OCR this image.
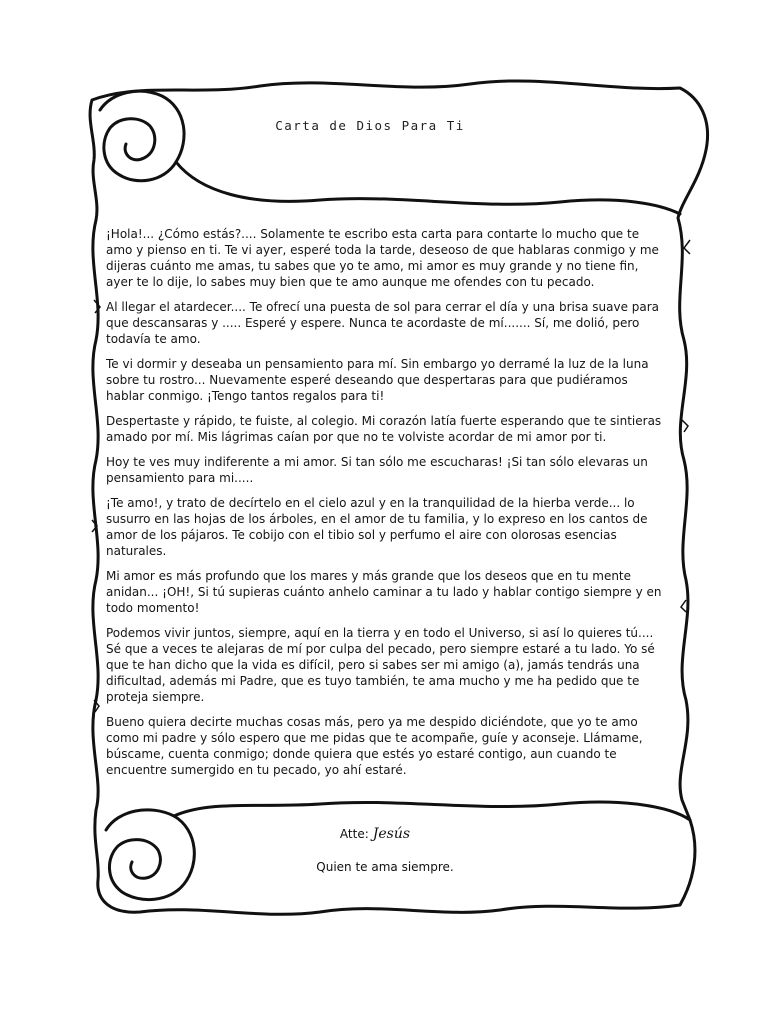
Carta de Dios Para Ti

¡Hola!... ¿Cómo estás?.... Solamente te escribo esta carta para contarte lo mucho que te amo y pienso en ti. Te vi ayer, esperé toda la tarde, deseoso de que hablaras conmigo y me dijeras cuánto me amas, tu sabes que yo te amo, mi amor es muy grande y no tiene fin, ayer te lo dije, lo sabes muy bien que te amo aunque me ofendes con tu pecado.

Al llegar el atardecer.... Te ofrecí una puesta de sol para cerrar el día y una brisa suave para que descansaras y ..... Esperé y espere. Nunca te acordaste de mí....... Sí, me dolió, pero todavía te amo.

Te vi dormir y deseaba un pensamiento para mí. Sin embargo yo derramé la luz de la luna sobre tu rostro... Nuevamente esperé deseando que despertaras para que pudiéramos hablar conmigo. ¡Tengo tantos regalos para ti!

Despertaste y rápido, te fuiste, al colegio. Mi corazón latía fuerte esperando que te sintieras amado por mí. Mis lágrimas caían por que no te volviste acordar de mi amor por ti.

Hoy te ves muy indiferente a mi amor. Si tan sólo me escucharas! ¡Si tan sólo elevaras un pensamiento para mi.....

¡Te amo!, y trato de decírtelo en el cielo azul y en la tranquilidad de la hierba verde... lo susurro en las hojas de los árboles, en el amor de tu familia, y lo expreso en los cantos de amor de los pájaros. Te cobijo con el tibio sol y perfumo el aire con olorosas esencias naturales.

Mi amor es más profundo que los mares y más grande que los deseos que en tu mente anidan... ¡OH!, Si tú supieras cuánto anhelo caminar a tu lado y hablar contigo siempre y en todo momento!

Podemos vivir juntos, siempre, aquí en la tierra y en todo el Universo, si así lo quieres tú.... Sé que a veces te alejaras de mí por culpa del pecado, pero siempre estaré a tu lado. Yo sé que te han dicho que la vida es difícil, pero si sabes ser mi amigo (a), jamás tendrás una dificultad, además mi Padre, que es tuyo también, te ama mucho y me ha pedido que te proteja siempre.

Bueno quiera decirte muchas cosas más, pero ya me despido diciéndote, que yo te amo como mi padre y sólo espero que me pidas que te acompañe, guíe y aconseje. Llámame, búscame, cuenta conmigo; donde quiera que estés yo estaré contigo, aun cuando te encuentre sumergido en tu pecado, yo ahí estaré.

Atte: Jesús
Quien te ama siempre.
